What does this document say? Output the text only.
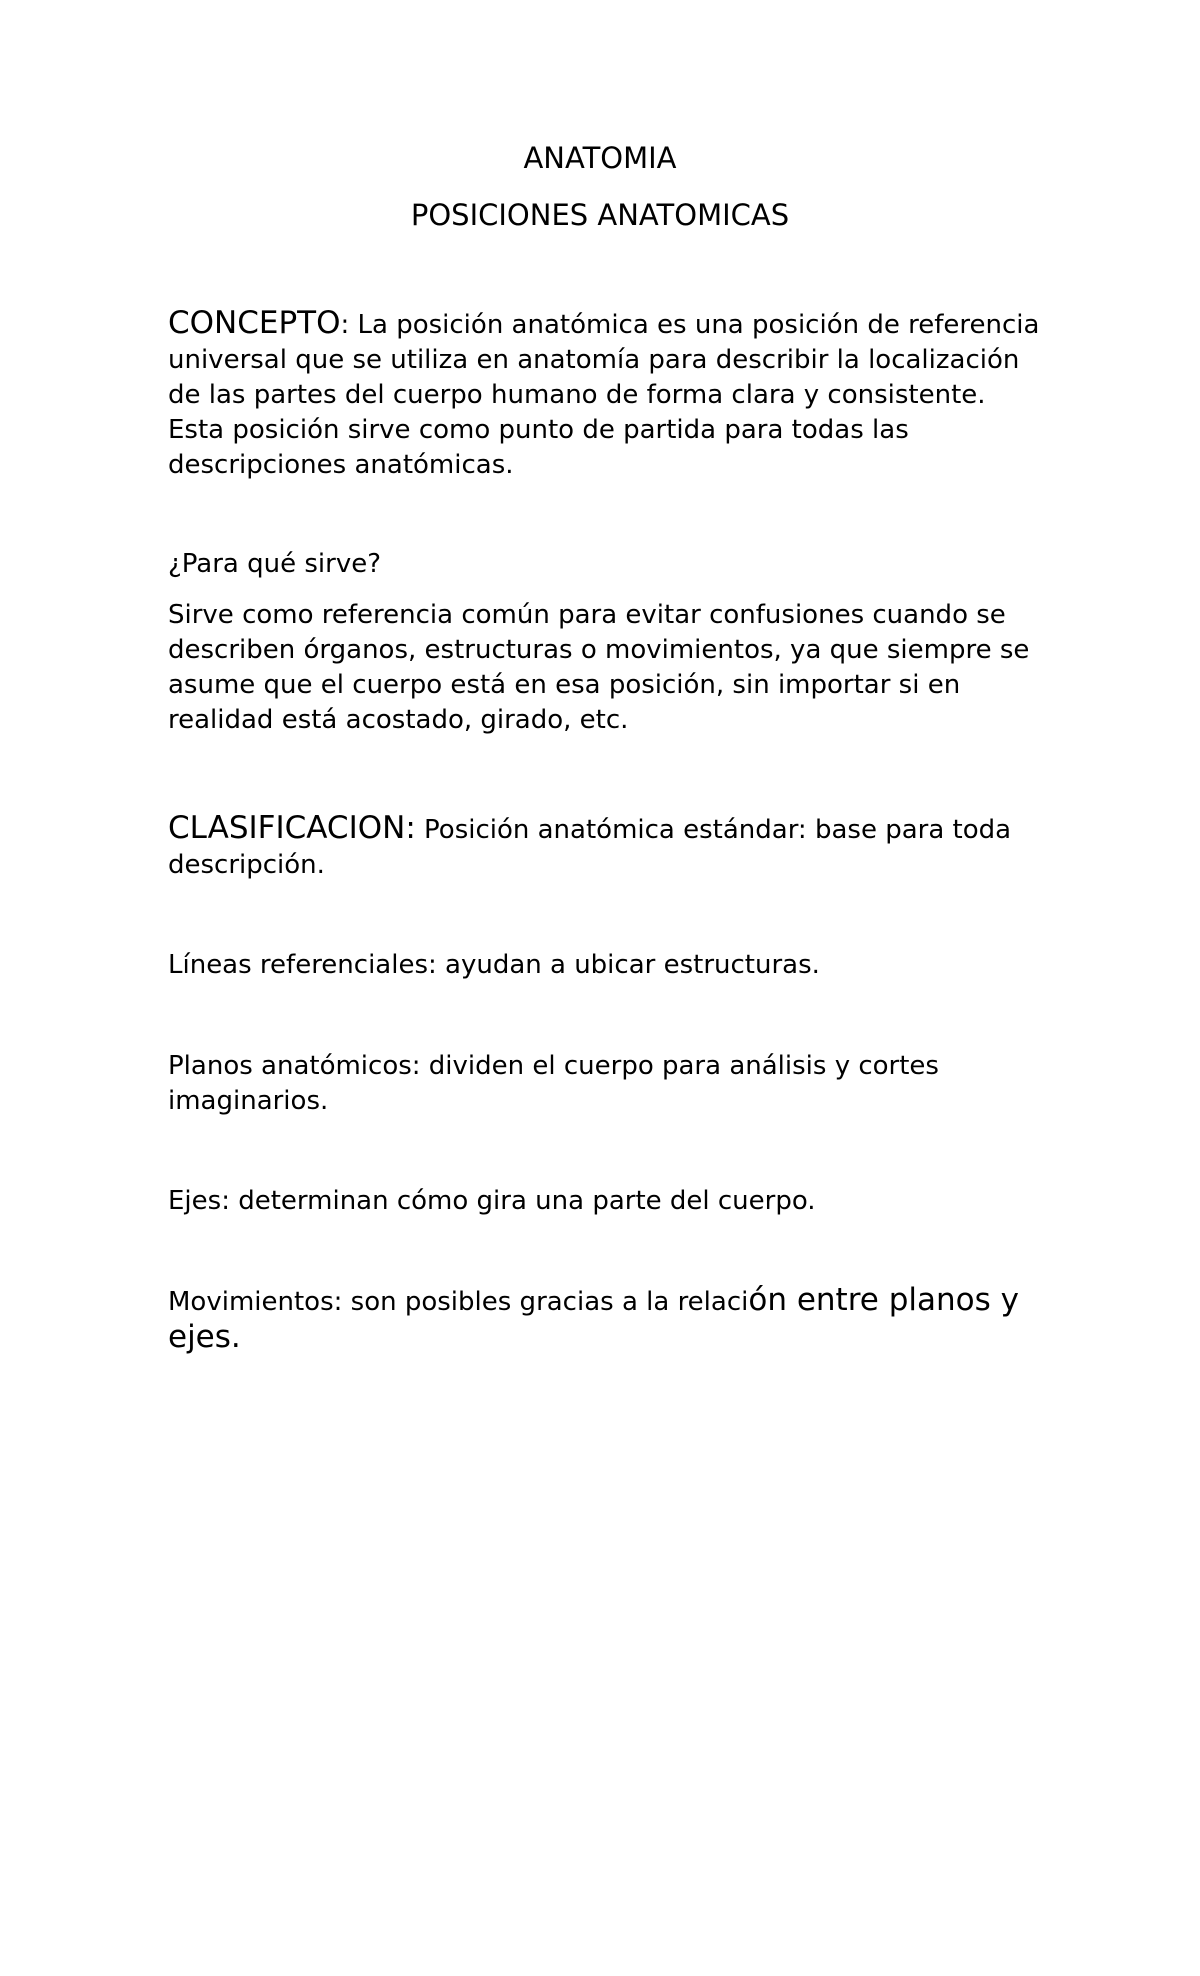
ANATOMIA
POSICIONES ANATOMICAS

CONCEPTO: La posición anatómica es una posición de referencia universal que se utiliza en anatomía para describir la localización de las partes del cuerpo humano de forma clara y consistente. Esta posición sirve como punto de partida para todas las descripciones anatómicas.

¿Para qué sirve?

Sirve como referencia común para evitar confusiones cuando se describen órganos, estructuras o movimientos, ya que siempre se asume que el cuerpo está en esa posición, sin importar si en realidad está acostado, girado, etc.

CLASIFICACION: Posición anatómica estándar: base para toda descripción.

Líneas referenciales: ayudan a ubicar estructuras.

Planos anatómicos: dividen el cuerpo para análisis y cortes imaginarios.

Ejes: determinan cómo gira una parte del cuerpo.

Movimientos: son posibles gracias a la relación entre planos y ejes.
